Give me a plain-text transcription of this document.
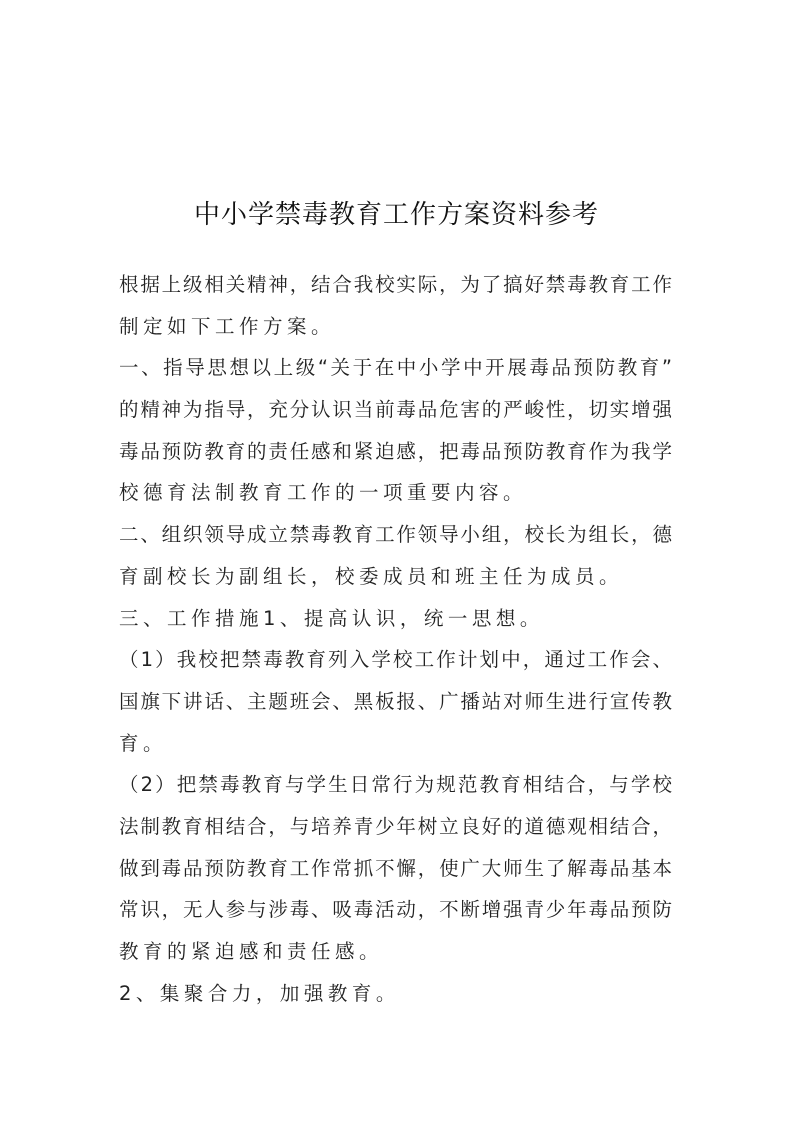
中小学禁毒教育工作方案资料参考
根据上级相关精神，结合我校实际，为了搞好禁毒教育工作
制定如下工作方案。
一、指导思想以上级“关于在中小学中开展毒品预防教育”
的精神为指导，充分认识当前毒品危害的严峻性，切实增强
毒品预防教育的责任感和紧迫感，把毒品预防教育作为我学
校德育法制教育工作的一项重要内容。
二、组织领导成立禁毒教育工作领导小组，校长为组长，德
育副校长为副组长，校委成员和班主任为成员。
三、工作措施1、提高认识，统一思想。
（1）我校把禁毒教育列入学校工作计划中，通过工作会、
国旗下讲话、主题班会、黑板报、广播站对师生进行宣传教
育。
（2）把禁毒教育与学生日常行为规范教育相结合，与学校
法制教育相结合，与培养青少年树立良好的道德观相结合，
做到毒品预防教育工作常抓不懈，使广大师生了解毒品基本
常识，无人参与涉毒、吸毒活动，不断增强青少年毒品预防
教育的紧迫感和责任感。
2、集聚合力，加强教育。
